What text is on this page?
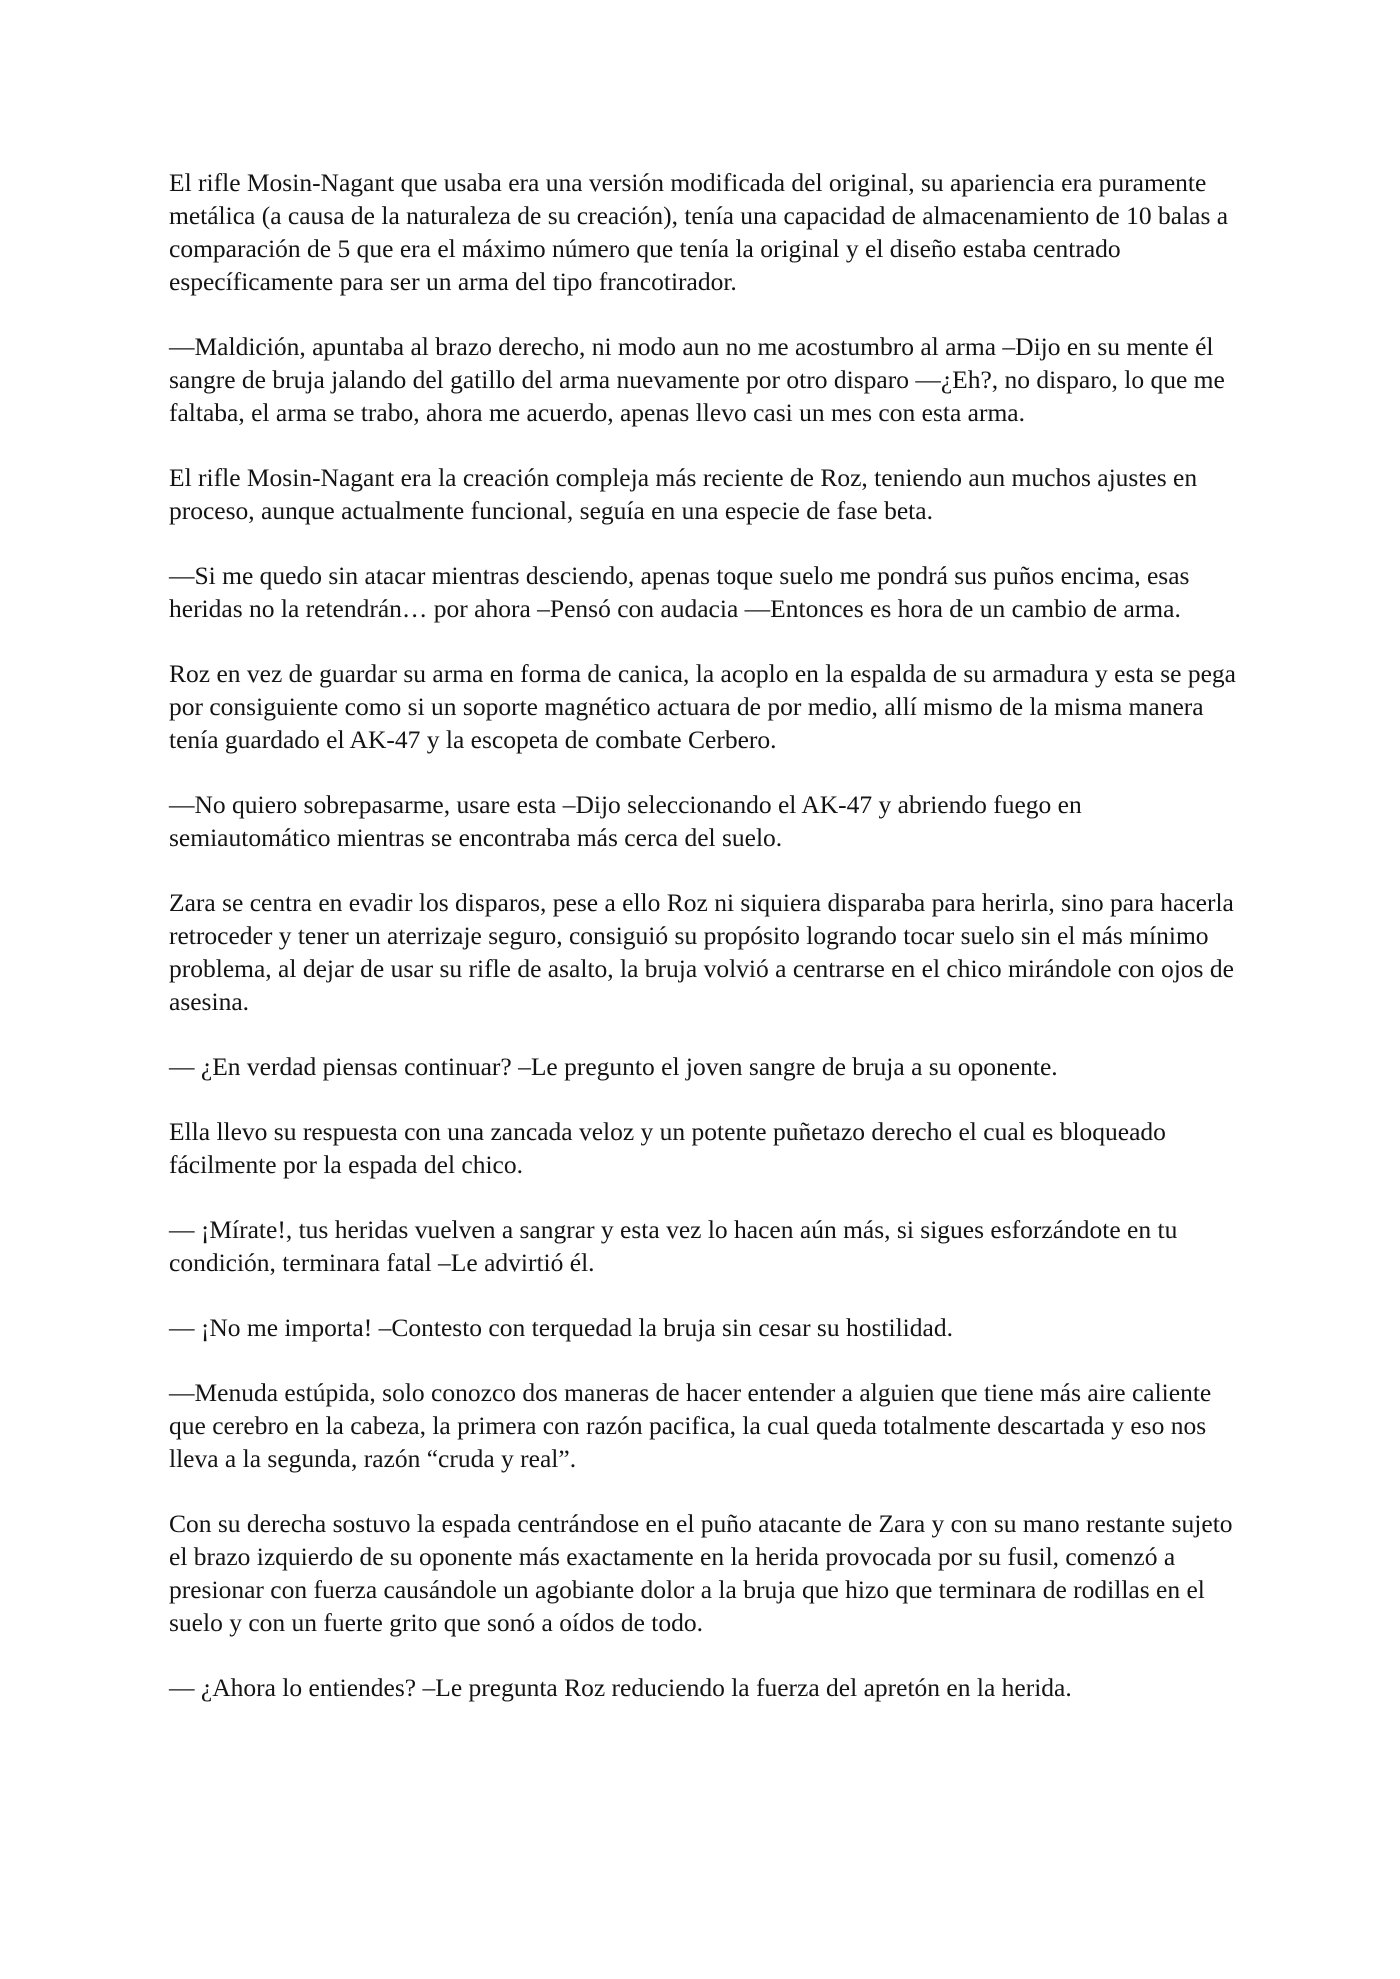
El rifle Mosin-Nagant que usaba era una versión modificada del original, su apariencia era puramente metálica (a causa de la naturaleza de su creación), tenía una capacidad de almacenamiento de 10 balas a comparación de 5 que era el máximo número que tenía la original y el diseño estaba centrado específicamente para ser un arma del tipo francotirador.

—Maldición, apuntaba al brazo derecho, ni modo aun no me acostumbro al arma –Dijo en su mente él sangre de bruja jalando del gatillo del arma nuevamente por otro disparo —¿Eh?, no disparo, lo que me faltaba, el arma se trabo, ahora me acuerdo, apenas llevo casi un mes con esta arma.

El rifle Mosin-Nagant era la creación compleja más reciente de Roz, teniendo aun muchos ajustes en proceso, aunque actualmente funcional, seguía en una especie de fase beta.

—Si me quedo sin atacar mientras desciendo, apenas toque suelo me pondrá sus puños encima, esas heridas no la retendrán… por ahora –Pensó con audacia —Entonces es hora de un cambio de arma.

Roz en vez de guardar su arma en forma de canica, la acoplo en la espalda de su armadura y esta se pega por consiguiente como si un soporte magnético actuara de por medio, allí mismo de la misma manera tenía guardado el AK-47 y la escopeta de combate Cerbero.

—No quiero sobrepasarme, usare esta –Dijo seleccionando el AK-47 y abriendo fuego en semiautomático mientras se encontraba más cerca del suelo.

Zara se centra en evadir los disparos, pese a ello Roz ni siquiera disparaba para herirla, sino para hacerla retroceder y tener un aterrizaje seguro, consiguió su propósito logrando tocar suelo sin el más mínimo problema, al dejar de usar su rifle de asalto, la bruja volvió a centrarse en el chico mirándole con ojos de asesina.

— ¿En verdad piensas continuar? –Le pregunto el joven sangre de bruja a su oponente.

Ella llevo su respuesta con una zancada veloz y un potente puñetazo derecho el cual es bloqueado fácilmente por la espada del chico.

— ¡Mírate!, tus heridas vuelven a sangrar y esta vez lo hacen aún más, si sigues esforzándote en tu condición, terminara fatal –Le advirtió él.

— ¡No me importa! –Contesto con terquedad la bruja sin cesar su hostilidad.

—Menuda estúpida, solo conozco dos maneras de hacer entender a alguien que tiene más aire caliente que cerebro en la cabeza, la primera con razón pacifica, la cual queda totalmente descartada y eso nos lleva a la segunda, razón “cruda y real”.

Con su derecha sostuvo la espada centrándose en el puño atacante de Zara y con su mano restante sujeto el brazo izquierdo de su oponente más exactamente en la herida provocada por su fusil, comenzó a presionar con fuerza causándole un agobiante dolor a la bruja que hizo que terminara de rodillas en el suelo y con un fuerte grito que sonó a oídos de todo.

— ¿Ahora lo entiendes? –Le pregunta Roz reduciendo la fuerza del apretón en la herida.
